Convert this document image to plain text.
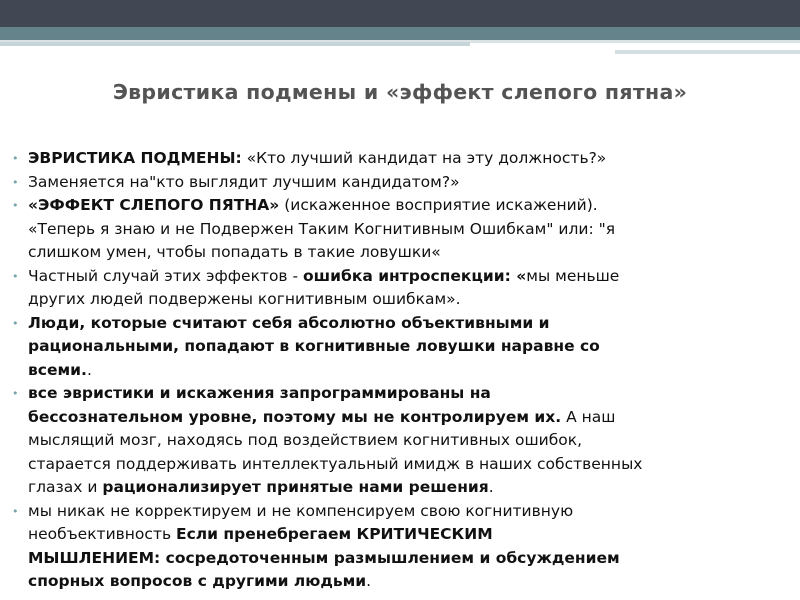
Эвристика подмены и «эффект слепого пятна»
• ЭВРИСТИКА ПОДМЕНЫ: «Кто лучший кандидат на эту должность?»
• Заменяется на"кто выглядит лучшим кандидатом?»
• «ЭФФЕКТ СЛЕПОГО ПЯТНА» (искаженное восприятие искажений).
«Теперь я знаю и не Подвержен Таким Когнитивным Ошибкам" или: "я
слишком умен, чтобы попадать в такие ловушки«
• Частный случай этих эффектов - ошибка интроспекции: «мы меньше
других людей подвержены когнитивным ошибкам».
• Люди, которые считают себя абсолютно объективными и
рациональными, попадают в когнитивные ловушки наравне со
всеми..
• все эвристики и искажения запрограммированы на
бессознательном уровне, поэтому мы не контролируем их. А наш
мыслящий мозг, находясь под воздействием когнитивных ошибок,
старается поддерживать интеллектуальный имидж в наших собственных
глазах и рационализирует принятые нами решения.
• мы никак не корректируем и не компенсируем свою когнитивную
необъективность Если пренебрегаем КРИТИЧЕСКИМ
МЫШЛЕНИЕМ: сосредоточенным размышлением и обсуждением
спорных вопросов с другими людьми.
